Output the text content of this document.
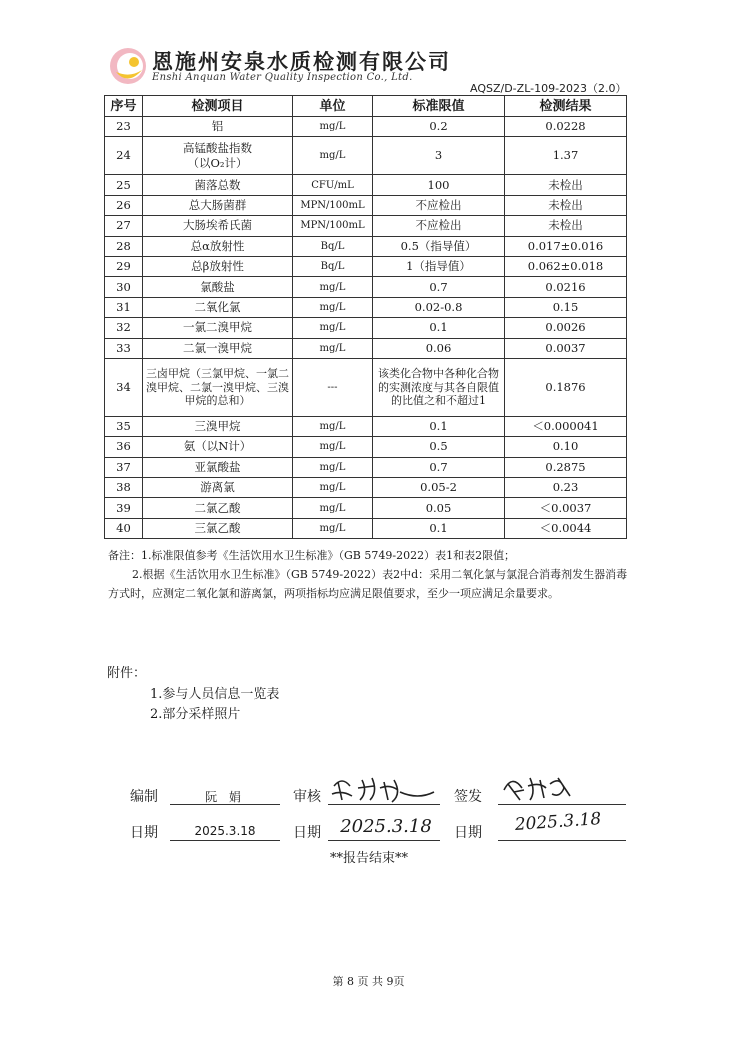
恩施州安泉水质检测有限公司
Enshi Anquan Water Quality Inspection Co., Ltd.
AQSZ/D-ZL-109-2023（2.0）
序号	检测项目	单位	标准限值	检测结果
23	铝	mg/L	0.2	0.0228
24	高锰酸盐指数
（以O₂计）	mg/L	3	1.37
25	菌落总数	CFU/mL	100	未检出
26	总大肠菌群	MPN/100mL	不应检出	未检出
27	大肠埃希氏菌	MPN/100mL	不应检出	未检出
28	总α放射性	Bq/L	0.5（指导值）	0.017±0.016
29	总β放射性	Bq/L	1（指导值）	0.062±0.018
30	氯酸盐	mg/L	0.7	0.0216
31	二氧化氯	mg/L	0.02-0.8	0.15
32	一氯二溴甲烷	mg/L	0.1	0.0026
33	二氯一溴甲烷	mg/L	0.06	0.0037
34	三卤甲烷（三氯甲烷、一氯二溴甲烷、二氯一溴甲烷、三溴甲烷的总和）	---	该类化合物中各种化合物的实测浓度与其各自限值的比值之和不超过1	0.1876
35	三溴甲烷	mg/L	0.1	＜0.000041
36	氨（以N计）	mg/L	0.5	0.10
37	亚氯酸盐	mg/L	0.7	0.2875
38	游离氯	mg/L	0.05-2	0.23
39	二氯乙酸	mg/L	0.05	＜0.0037
40	三氯乙酸	mg/L	0.1	＜0.0044

备注：1.标准限值参考《生活饮用水卫生标准》（GB 5749-2022）表1和表2限值；

2.根据《生活饮用水卫生标准》（GB 5749-2022）表2中d：采用二氧化氯与氯混合消毒剂发生器消毒方式时，应测定二氧化氯和游离氯，两项指标均应满足限值要求，至少一项应满足余量要求。

附件：
1.参与人员信息一览表
2.部分采样照片
编制	阮 娟	审核	签发
日期	2025.3.18	日期 2025.3.18	日期	2025.3.18
**报告结束**
第 8 页 共 9页
